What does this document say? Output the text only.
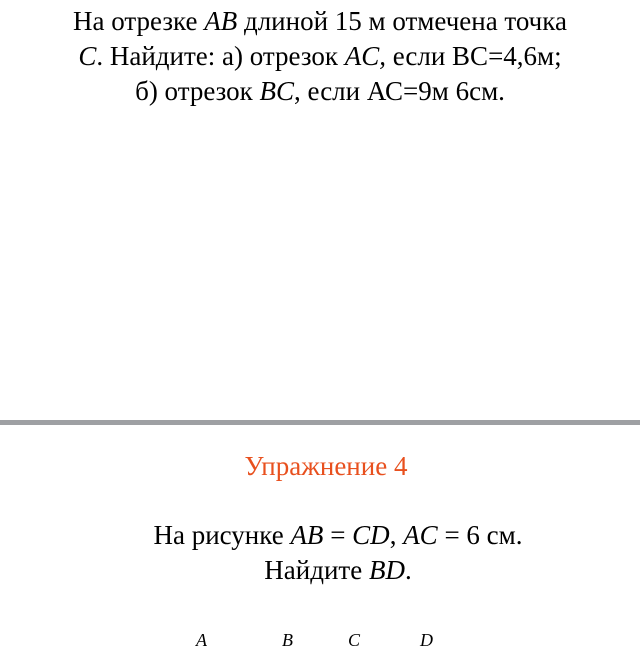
На отрезке AB длиной 15 м отмечена точка
C. Найдите: а) отрезок AC, если ВС=4,6м;
б) отрезок BC, если АС=9м 6см.
Упражнение 4
На рисунке AB = CD, AC = 6 см.
Найдите BD.
A	B	C	D
